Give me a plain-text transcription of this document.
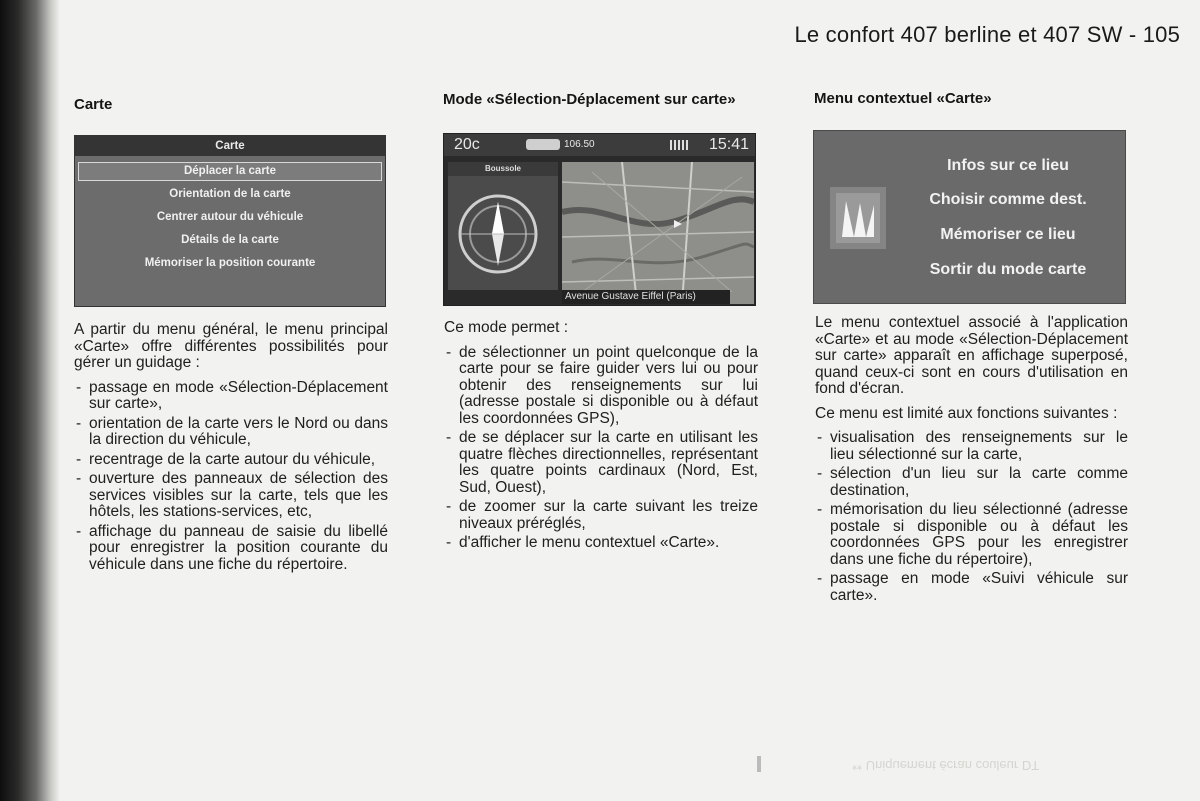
Le confort 407 berline et 407 SW - 105
Carte
Carte
Déplacer la carte
Orientation de la carte
Centrer autour du véhicule
Détails de la carte
Mémoriser la position courante

A partir du menu général, le menu principal «Carte» offre différentes possibilités pour gérer un guidage :

- passage en mode «Sélection-Déplacement sur carte»,
- orientation de la carte vers le Nord ou dans la direction du véhicule,
- recentrage de la carte autour du véhicule,
- ouverture des panneaux de sélection des services visibles sur la carte, tels que les hôtels, les stations-services, etc,
- affichage du panneau de saisie du libellé pour enregistrer la position courante du véhicule dans une fiche du répertoire.
Mode «Sélection-Déplacement sur carte»
20c	106.50	15:41
Boussole
Avenue Gustave Eiffel (Paris)

Ce mode permet :

- de sélectionner un point quelconque de la carte pour se faire guider vers lui ou pour obtenir des renseignements sur lui (adresse postale si disponible ou à défaut les coordonnées GPS),
- de se déplacer sur la carte en utilisant les quatre flèches directionnelles, représentant les quatre points cardinaux (Nord, Est, Sud, Ouest),
- de zoomer sur la carte suivant les treize niveaux préréglés,
- d'afficher le menu contextuel «Carte».
Menu contextuel «Carte»
Infos sur ce lieu
Choisir comme dest.
Mémoriser ce lieu
Sortir du mode carte

Le menu contextuel associé à l'application «Carte» et au mode «Sélection-Déplacement sur carte» apparaît en affichage superposé, quand ceux-ci sont en cours d'utilisation en fond d'écran.

Ce menu est limité aux fonctions suivantes :

- visualisation des renseignements sur le lieu sélectionné sur la carte,
- sélection d'un lieu sur la carte comme destination,
- mémorisation du lieu sélectionné (adresse postale si disponible ou à défaut les coordonnées GPS pour les enregistrer dans une fiche du répertoire),
- passage en mode «Suivi véhicule sur carte».
** Uniquement écran couleur DT
